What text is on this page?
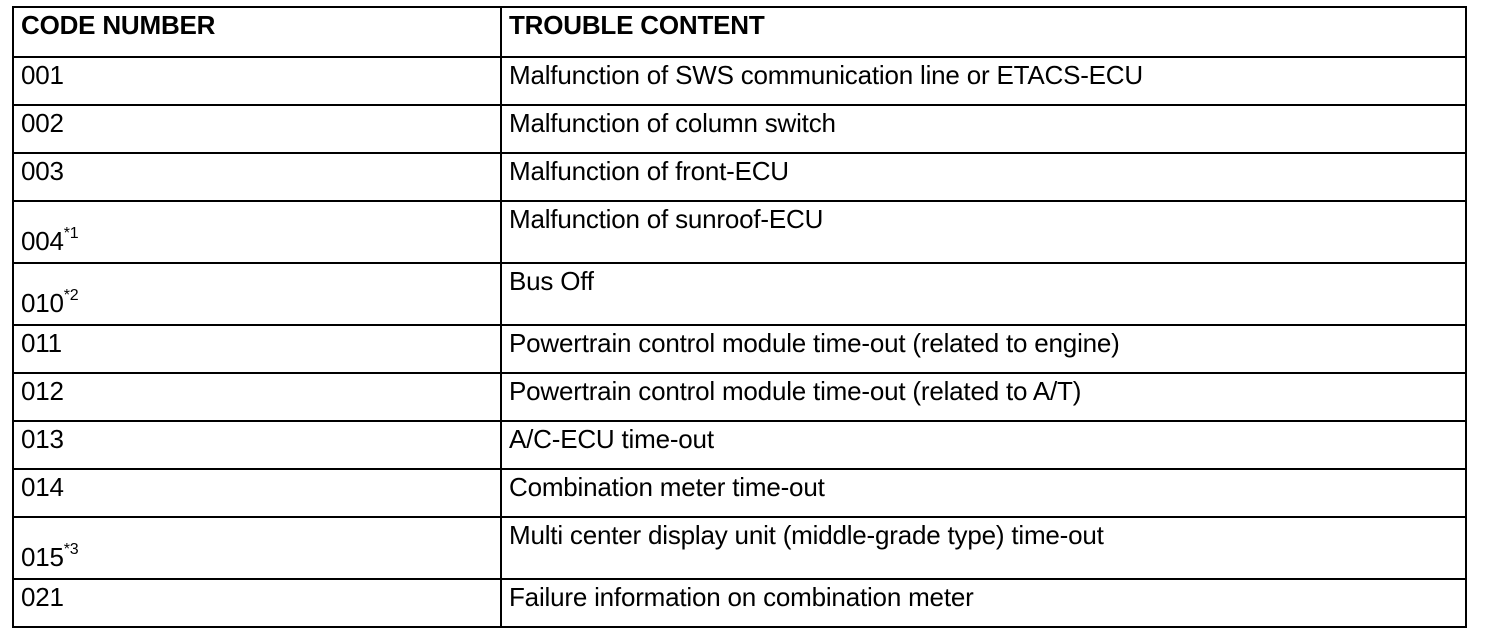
CODE NUMBER	TROUBLE CONTENT
001	Malfunction of SWS communication line or ETACS-ECU
002	Malfunction of column switch
003	Malfunction of front-ECU
004$^{*1}$	Malfunction of sunroof-ECU
010$^{*2}$	Bus Off
011	Powertrain control module time-out (related to engine)
012	Powertrain control module time-out (related to A/T)
013	A/C-ECU time-out
014	Combination meter time-out
015$^{*3}$	Multi center display unit (middle-grade type) time-out
021	Failure information on combination meter
